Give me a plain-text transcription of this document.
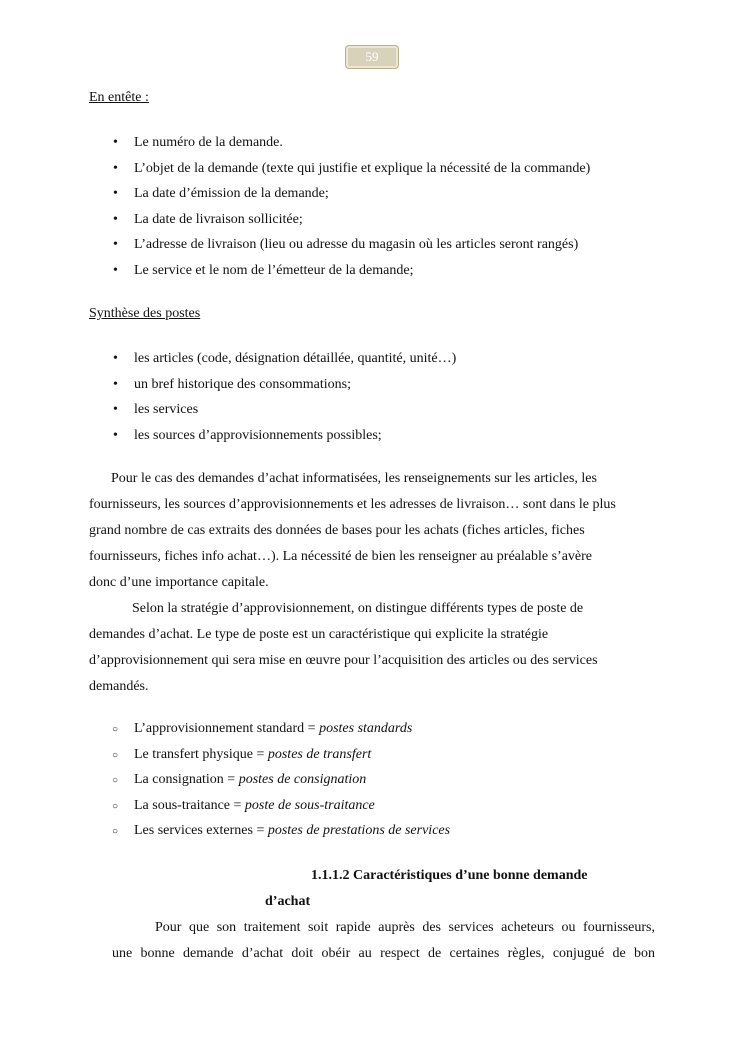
59
En entête :
• Le numéro de la demande.
• L’objet de la demande (texte qui justifie et explique la nécessité de la commande)
• La date d’émission de la demande;
• La date de livraison sollicitée;
• L’adresse de livraison (lieu ou adresse du magasin où les articles seront rangés)
• Le service et le nom de l’émetteur de la demande;
Synthèse des postes
• les articles (code, désignation détaillée, quantité, unité…)
• un bref historique des consommations;
• les services
• les sources d’approvisionnements possibles;
Pour le cas des demandes d’achat informatisées, les renseignements sur les articles, les
fournisseurs, les sources d’approvisionnements et les adresses de livraison… sont dans le plus
grand nombre de cas extraits des données de bases pour les achats (fiches articles, fiches
fournisseurs, fiches info achat…). La nécessité de bien les renseigner au préalable s’avère
donc d’une importance capitale.
Selon la stratégie d’approvisionnement, on distingue différents types de poste de
demandes d’achat. Le type de poste est un caractéristique qui explicite la stratégie
d’approvisionnement qui sera mise en œuvre pour l’acquisition des articles ou des services
demandés.
○ L’approvisionnement standard = postes standards
○ Le transfert physique = postes de transfert
○ La consignation = postes de consignation
○ La sous-traitance = poste de sous-traitance
○ Les services externes = postes de prestations de services
1.1.1.2 Caractéristiques d’une bonne demande
d’achat
Pour que son traitement soit rapide auprès des services acheteurs ou fournisseurs,
une bonne demande d’achat doit obéir au respect de certaines règles, conjugué de bon
